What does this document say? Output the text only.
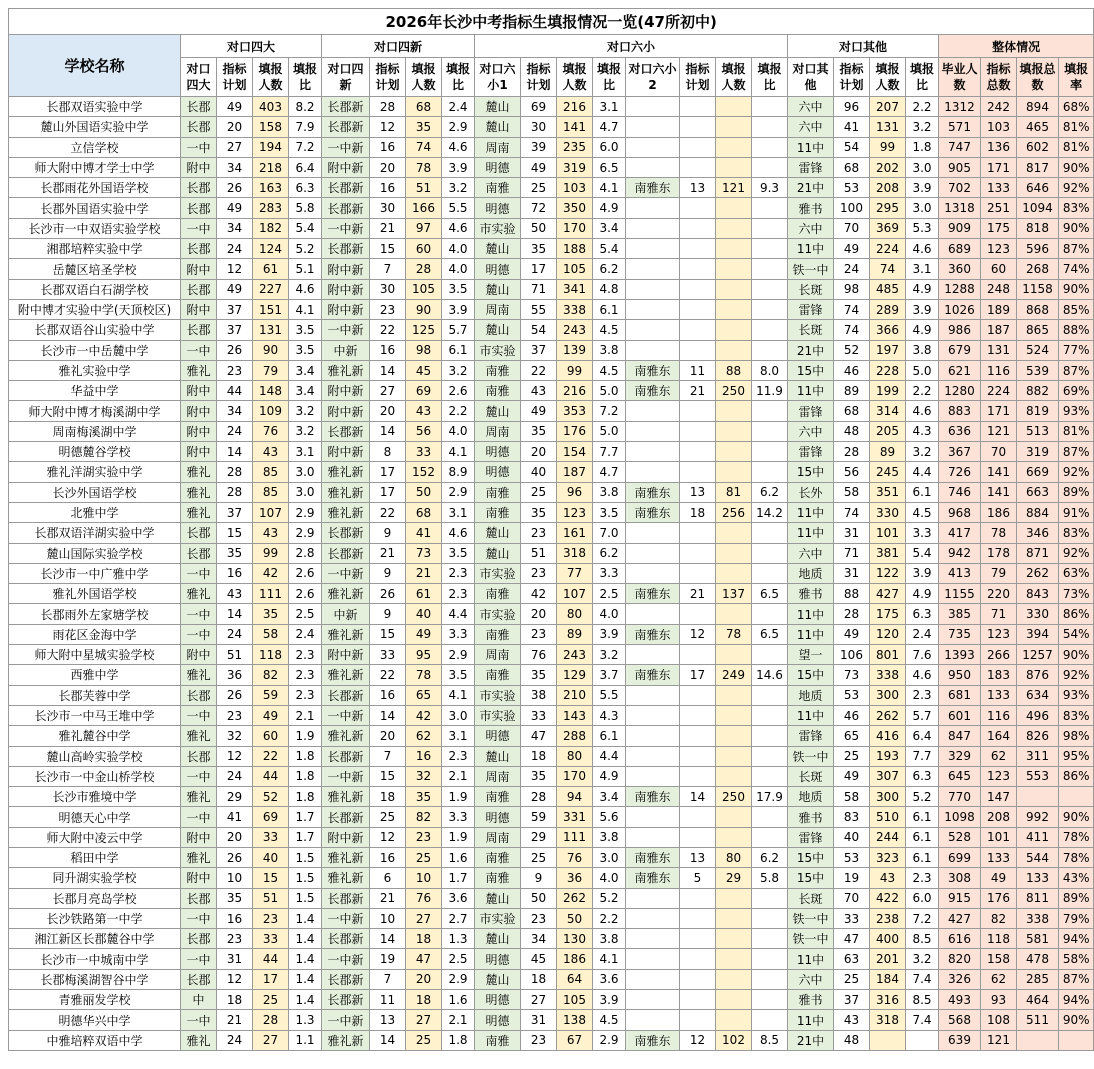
2026年长沙中考指标生填报情况一览(47所初中)																								
学校名称	对口四大				对口四新				对口六小								对口其他				整体情况			
	对口四大	指标计划	填报人数	填报比	对口四新	指标计划	填报人数	填报比	对口六小1	指标计划	填报人数	填报比	对口六小2	指标计划	填报人数	填报比	对口其他	指标计划	填报人数	填报比	毕业人数	指标总数	填报总数	填报率
长郡双语实验中学	长郡	49	403	8.2	长郡新	28	68	2.4	麓山	69	216	3.1					六中	96	207	2.2	1312	242	894	68%
麓山外国语实验中学	长郡	20	158	7.9	长郡新	12	35	2.9	麓山	30	141	4.7					六中	41	131	3.2	571	103	465	81%
立信学校	一中	27	194	7.2	一中新	16	74	4.6	周南	39	235	6.0					11中	54	99	1.8	747	136	602	81%
师大附中博才学士中学	附中	34	218	6.4	附中新	20	78	3.9	明德	49	319	6.5					雷锋	68	202	3.0	905	171	817	90%
长郡雨花外国语学校	长郡	26	163	6.3	长郡新	16	51	3.2	南雅	25	103	4.1	南雅东	13	121	9.3	21中	53	208	3.9	702	133	646	92%
长郡外国语实验中学	长郡	49	283	5.8	长郡新	30	166	5.5	明德	72	350	4.9					雅书	100	295	3.0	1318	251	1094	83%
长沙市一中双语实验学校	一中	34	182	5.4	一中新	21	97	4.6	市实验	50	170	3.4					六中	70	369	5.3	909	175	818	90%
湘郡培粹实验中学	长郡	24	124	5.2	长郡新	15	60	4.0	麓山	35	188	5.4					11中	49	224	4.6	689	123	596	87%
岳麓区培圣学校	附中	12	61	5.1	附中新	7	28	4.0	明德	17	105	6.2					铁一中	24	74	3.1	360	60	268	74%
长郡双语白石湖学校	长郡	49	227	4.6	附中新	30	105	3.5	麓山	71	341	4.8					长斑	98	485	4.9	1288	248	1158	90%
附中博才实验中学(天顶校区)	附中	37	151	4.1	附中新	23	90	3.9	周南	55	338	6.1					雷锋	74	289	3.9	1026	189	868	85%
长郡双语谷山实验中学	长郡	37	131	3.5	一中新	22	125	5.7	麓山	54	243	4.5					长斑	74	366	4.9	986	187	865	88%
长沙市一中岳麓中学	一中	26	90	3.5	中新	16	98	6.1	市实验	37	139	3.8					21中	52	197	3.8	679	131	524	77%
雅礼实验中学	雅礼	23	79	3.4	雅礼新	14	45	3.2	南雅	22	99	4.5	南雅东	11	88	8.0	15中	46	228	5.0	621	116	539	87%
华益中学	附中	44	148	3.4	附中新	27	69	2.6	南雅	43	216	5.0	南雅东	21	250	11.9	11中	89	199	2.2	1280	224	882	69%
师大附中博才梅溪湖中学	附中	34	109	3.2	附中新	20	43	2.2	麓山	49	353	7.2					雷锋	68	314	4.6	883	171	819	93%
周南梅溪湖中学	附中	24	76	3.2	长郡新	14	56	4.0	周南	35	176	5.0					六中	48	205	4.3	636	121	513	81%
明德麓谷学校	附中	14	43	3.1	附中新	8	33	4.1	明德	20	154	7.7					雷锋	28	89	3.2	367	70	319	87%
雅礼洋湖实验中学	雅礼	28	85	3.0	雅礼新	17	152	8.9	明德	40	187	4.7					15中	56	245	4.4	726	141	669	92%
长沙外国语学校	雅礼	28	85	3.0	雅礼新	17	50	2.9	南雅	25	96	3.8	南雅东	13	81	6.2	长外	58	351	6.1	746	141	663	89%
北雅中学	雅礼	37	107	2.9	雅礼新	22	68	3.1	南雅	35	123	3.5	南雅东	18	256	14.2	11中	74	330	4.5	968	186	884	91%
长郡双语洋湖实验中学	长郡	15	43	2.9	长郡新	9	41	4.6	麓山	23	161	7.0					11中	31	101	3.3	417	78	346	83%
麓山国际实验学校	长郡	35	99	2.8	长郡新	21	73	3.5	麓山	51	318	6.2					六中	71	381	5.4	942	178	871	92%
长沙市一中广雅中学	一中	16	42	2.6	一中新	9	21	2.3	市实验	23	77	3.3					地质	31	122	3.9	413	79	262	63%
雅礼外国语学校	雅礼	43	111	2.6	雅礼新	26	61	2.3	南雅	42	107	2.5	南雅东	21	137	6.5	雅书	88	427	4.9	1155	220	843	73%
长郡雨外左家塘学校	一中	14	35	2.5	中新	9	40	4.4	市实验	20	80	4.0					11中	28	175	6.3	385	71	330	86%
雨花区金海中学	一中	24	58	2.4	雅礼新	15	49	3.3	南雅	23	89	3.9	南雅东	12	78	6.5	11中	49	120	2.4	735	123	394	54%
师大附中星城实验学校	附中	51	118	2.3	附中新	33	95	2.9	周南	76	243	3.2					望一	106	801	7.6	1393	266	1257	90%
西雅中学	雅礼	36	82	2.3	雅礼新	22	78	3.5	南雅	35	129	3.7	南雅东	17	249	14.6	15中	73	338	4.6	950	183	876	92%
长郡芙蓉中学	长郡	26	59	2.3	长郡新	16	65	4.1	市实验	38	210	5.5					地质	53	300	2.3	681	133	634	93%
长沙市一中马王堆中学	一中	23	49	2.1	一中新	14	42	3.0	市实验	33	143	4.3					11中	46	262	5.7	601	116	496	83%
雅礼麓谷中学	雅礼	32	60	1.9	雅礼新	20	62	3.1	明德	47	288	6.1					雷锋	65	416	6.4	847	164	826	98%
麓山高岭实验学校	长郡	12	22	1.8	长郡新	7	16	2.3	麓山	18	80	4.4					铁一中	25	193	7.7	329	62	311	95%
长沙市一中金山桥学校	一中	24	44	1.8	一中新	15	32	2.1	周南	35	170	4.9					长斑	49	307	6.3	645	123	553	86%
长沙市雅境中学	雅礼	29	52	1.8	雅礼新	18	35	1.9	南雅	28	94	3.4	南雅东	14	250	17.9	地质	58	300	5.2	770	147		
明德天心中学	一中	41	69	1.7	长郡新	25	82	3.3	明德	59	331	5.6					雅书	83	510	6.1	1098	208	992	90%
师大附中凌云中学	附中	20	33	1.7	附中新	12	23	1.9	周南	29	111	3.8					雷锋	40	244	6.1	528	101	411	78%
稻田中学	雅礼	26	40	1.5	雅礼新	16	25	1.6	南雅	25	76	3.0	南雅东	13	80	6.2	15中	53	323	6.1	699	133	544	78%
同升湖实验学校	附中	10	15	1.5	雅礼新	6	10	1.7	南雅	9	36	4.0	南雅东	5	29	5.8	15中	19	43	2.3	308	49	133	43%
长郡月亮岛学校	长郡	35	51	1.5	长郡新	21	76	3.6	麓山	50	262	5.2					长斑	70	422	6.0	915	176	811	89%
长沙铁路第一中学	一中	16	23	1.4	一中新	10	27	2.7	市实验	23	50	2.2					铁一中	33	238	7.2	427	82	338	79%
湘江新区长郡麓谷中学	长郡	23	33	1.4	长郡新	14	18	1.3	麓山	34	130	3.8					铁一中	47	400	8.5	616	118	581	94%
长沙市一中城南中学	一中	31	44	1.4	一中新	19	47	2.5	明德	45	186	4.1					11中	63	201	3.2	820	158	478	58%
长郡梅溪湖智谷中学	长郡	12	17	1.4	长郡新	7	20	2.9	麓山	18	64	3.6					六中	25	184	7.4	326	62	285	87%
青雅丽发学校	中	18	25	1.4	长郡新	11	18	1.6	明德	27	105	3.9					雅书	37	316	8.5	493	93	464	94%
明德华兴中学	一中	21	28	1.3	一中新	13	27	2.1	明德	31	138	4.5					11中	43	318	7.4	568	108	511	90%
中雅培粹双语中学	雅礼	24	27	1.1	雅礼新	14	25	1.8	南雅	23	67	2.9	南雅东	12	102	8.5	21中	48			639	121		
